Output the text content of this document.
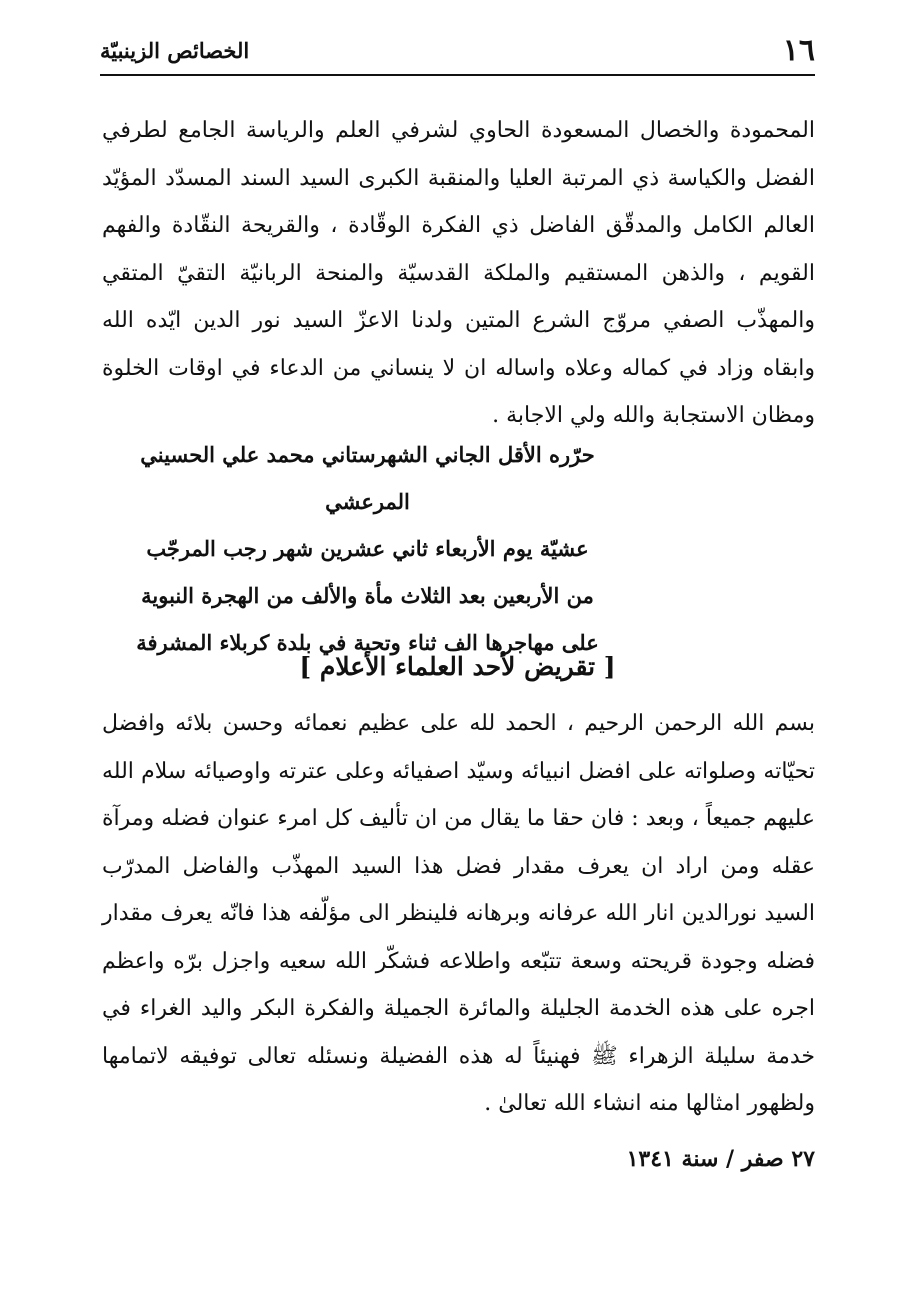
١٦
الخصائص الزينبيّة

المحمودة والخصال المسعودة الحاوي لشرفي العلم والرياسة الجامع لطرفي الفضل والكياسة ذي المرتبة العليا والمنقبة الكبرى السيد السند المسدّد المؤيّد العالم الكامل والمدقّق الفاضل ذي الفكرة الوقّادة ، والقريحة النقّادة والفهم القويم ، والذهن المستقيم والملكة القدسيّة والمنحة الربانيّة التقيّ المتقي والمهذّب الصفي مروّج الشرع المتين ولدنا الاعزّ السيد نور الدين ايّده الله وابقاه وزاد في كماله وعلاه واساله ان لا ينساني من الدعاء في اوقات الخلوة ومظان الاستجابة والله ولي الاجابة .

حرّره الأقل الجاني الشهرستاني محمد علي الحسيني المرعشي
عشيّة يوم الأربعاء ثاني عشرين شهر رجب المرجّب
من الأربعين بعد الثلاث مأة والألف من الهجرة النبوية
على مهاجرها الف ثناء وتحية في بلدة كربلاء المشرفة
[ تقريض لأحد العلماء الأعلام ]

بسم الله الرحمن الرحيم ، الحمد لله على عظيم نعمائه وحسن بلائه وافضل تحيّاته وصلواته على افضل انبيائه وسيّد اصفيائه وعلى عترته واوصيائه سلام الله عليهم جميعاً ، وبعد : فان حقا ما يقال من ان تأليف كل امرء عنوان فضله ومرآة عقله ومن اراد ان يعرف مقدار فضل هذا السيد المهذّب والفاضل المدرّب السيد نورالدين انار الله عرفانه وبرهانه فلينظر الى مؤلّفه هذا فانّه يعرف مقدار فضله وجودة قريحته وسعة تتبّعه واطلاعه فشكّر الله سعيه واجزل برّه واعظم اجره على هذه الخدمة الجليلة والمائرة الجميلة والفكرة البكر واليد الغراء في خدمة سليلة الزهراء ﷺ فهنيئاً له هذه الفضيلة ونسئله تعالى توفيقه لاتمامها ولظهور امثالها منه انشاء الله تعالىٰ .

٢٧ صفر / سنة ١٣٤١
